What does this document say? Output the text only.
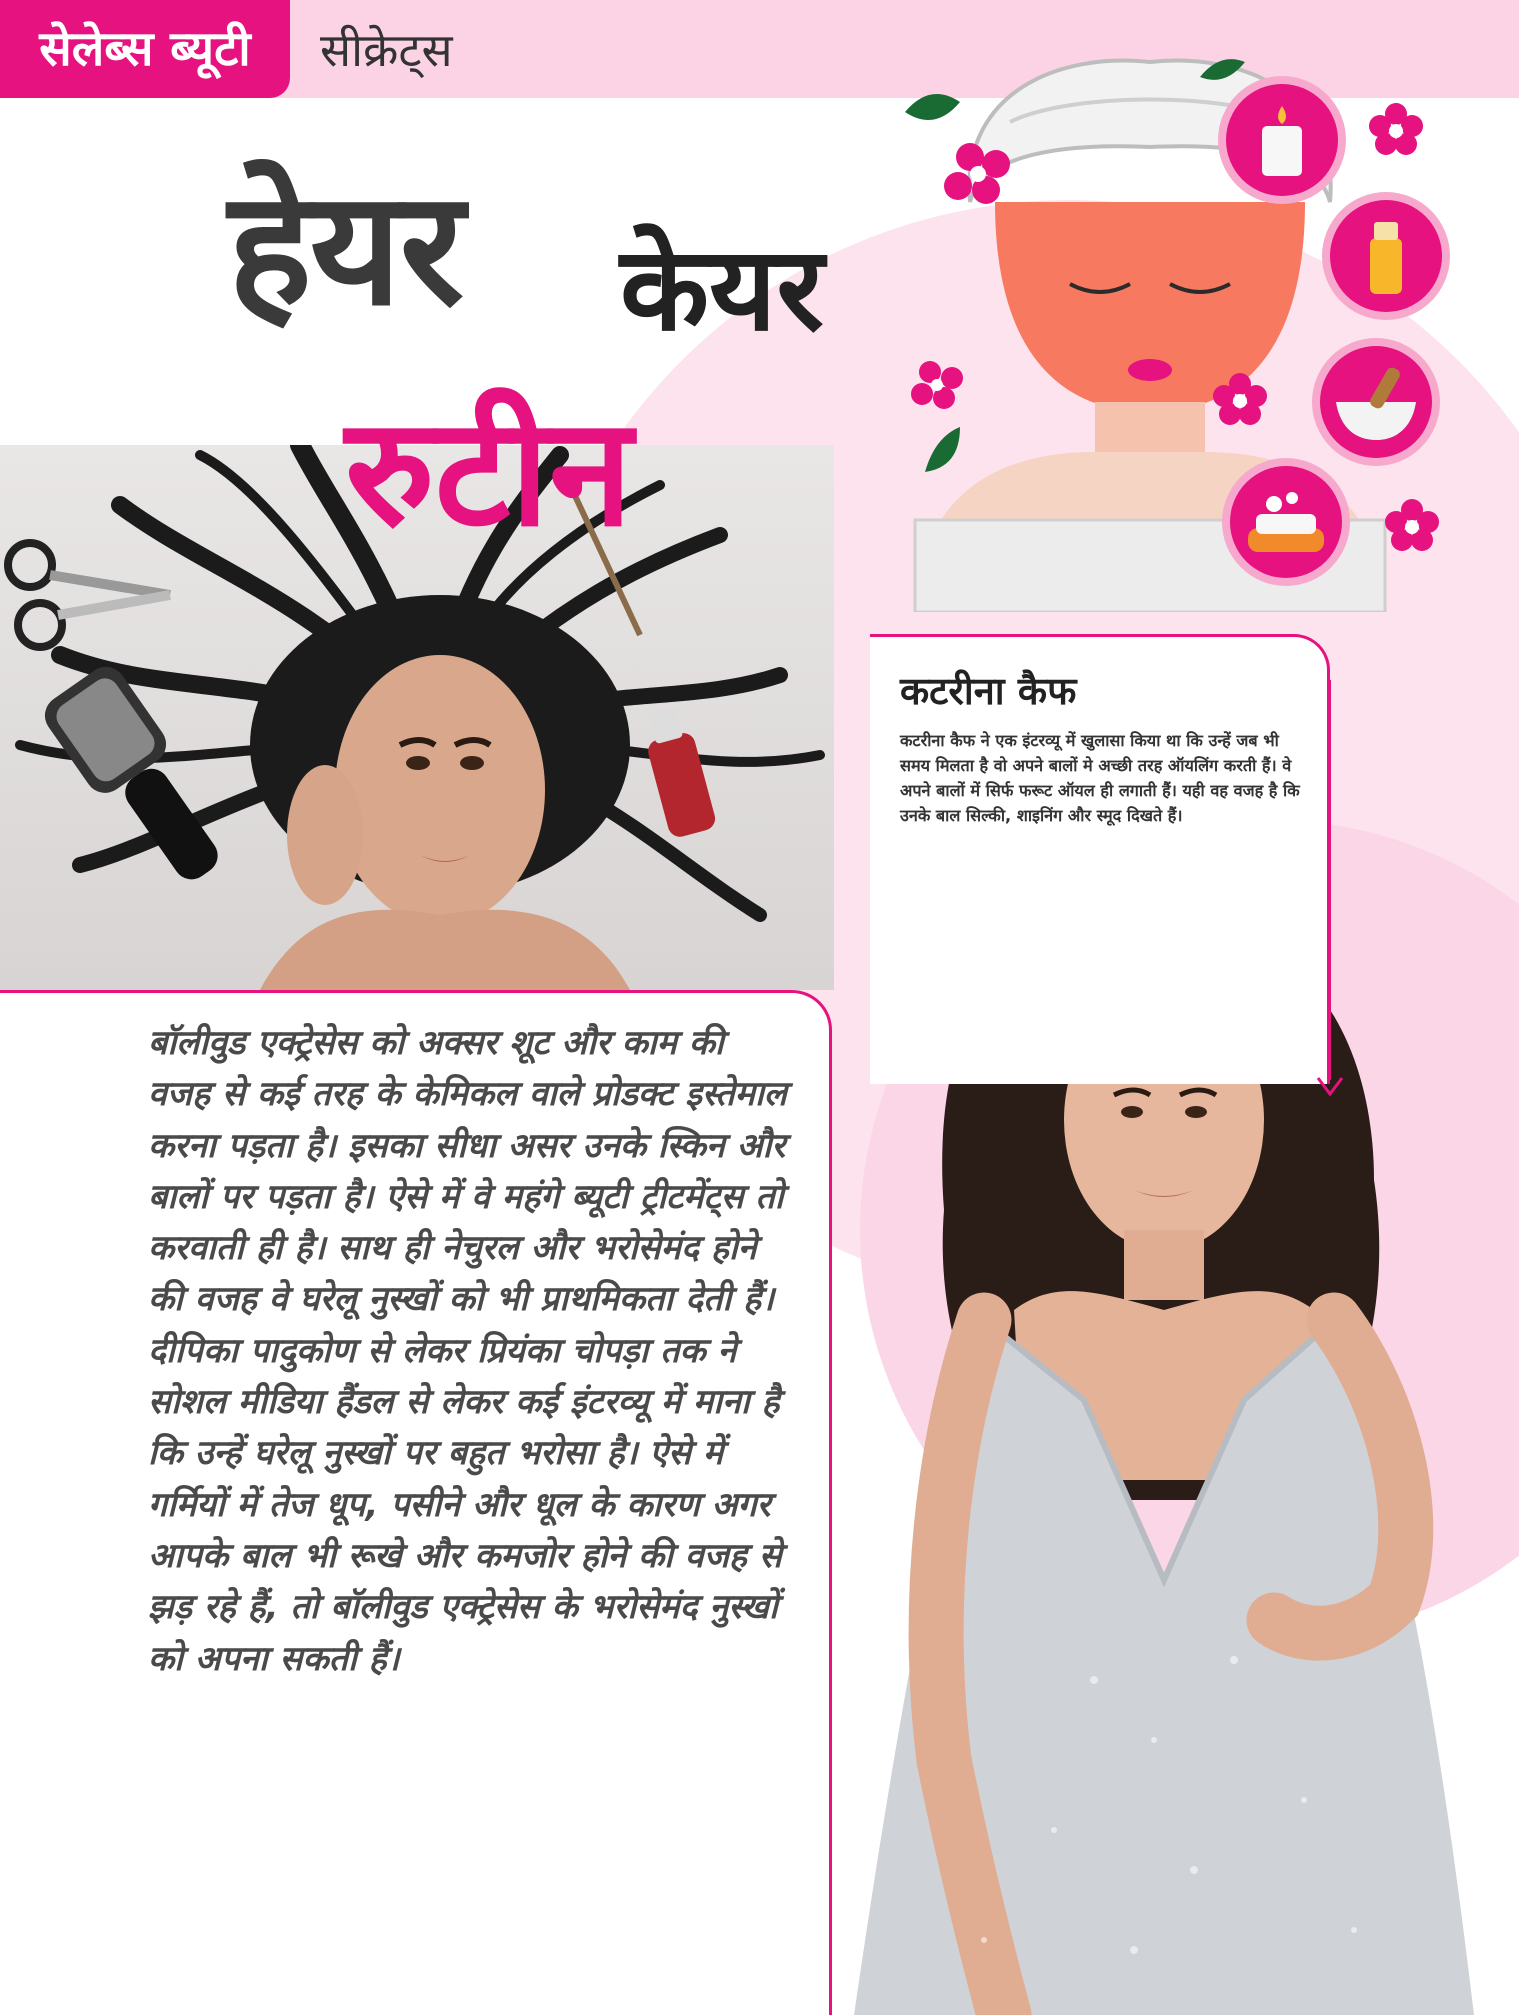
सेलेब्स ब्यूटी	सीक्रेट्स
हेयर केयर
रुटीन
कटरीना कैफ
कटरीना कैफ ने एक इंटरव्यू में खुलासा किया था कि उन्हें जब भी समय मिलता है वो अपने बालों मे अच्छी तरह ऑयलिंग करती हैं। वे अपने बालों में सिर्फ फरूट ऑयल ही लगाती हैं। यही वह वजह है कि उनके बाल सिल्की, शाइनिंग और स्मूद दिखते हैं।
बॉलीवुड एक्ट्रेसेस को अक्सर शूट और काम की वजह से कई तरह के केमिकल वाले प्रोडक्ट इस्तेमाल करना पड़ता है। इसका सीधा असर उनके स्किन और बालों पर पड़ता है। ऐसे में वे महंगे ब्यूटी ट्रीटमेंट्स तो करवाती ही है। साथ ही नेचुरल और भरोसेमंद होने की वजह वे घरेलू नुस्खों को भी प्राथमिकता देती हैं। दीपिका पादुकोण से लेकर प्रियंका चोपड़ा तक ने सोशल मीडिया हैंडल से लेकर कई इंटरव्यू में माना है कि उन्हें घरेलू नुस्खों पर बहुत भरोसा है। ऐसे में गर्मियों में तेज धूप, पसीने और धूल के कारण अगर आपके बाल भी रूखे और कमजोर होने की वजह से झड़ रहे हैं, तो बॉलीवुड एक्ट्रेसेस के भरोसेमंद नुस्खों को अपना सकती हैं।
